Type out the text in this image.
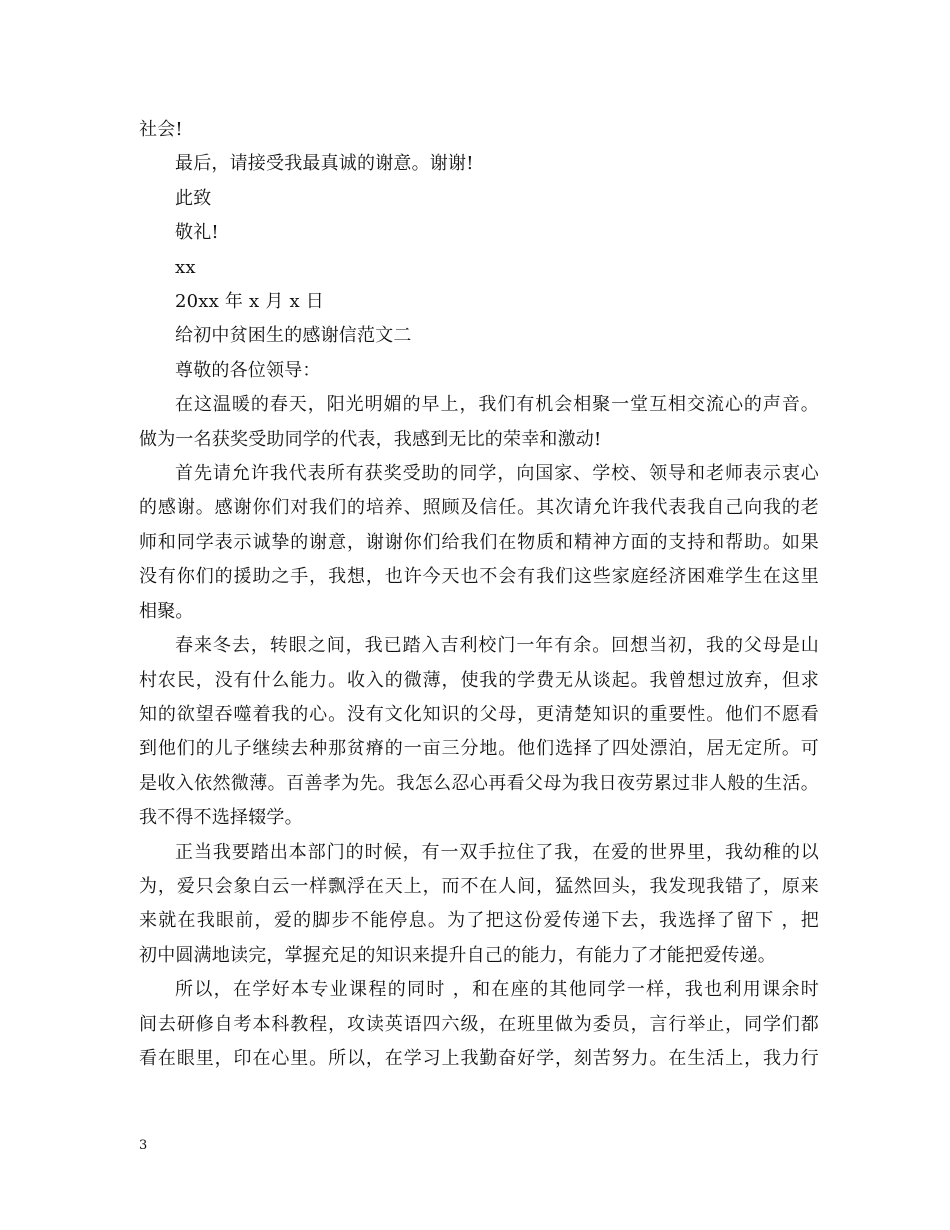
社会!
最后，请接受我最真诚的谢意。谢谢!
此致
敬礼!
xx
20xx 年 x 月 x 日
给初中贫困生的感谢信范文二
尊敬的各位领导：
在这温暖的春天，阳光明媚的早上，我们有机会相聚一堂互相交流心的声音。
做为一名获奖受助同学的代表，我感到无比的荣幸和激动!
首先请允许我代表所有获奖受助的同学，向国家、学校、领导和老师表示衷心
的感谢。感谢你们对我们的培养、照顾及信任。其次请允许我代表我自己向我的老
师和同学表示诚挚的谢意，谢谢你们给我们在物质和精神方面的支持和帮助。如果
没有你们的援助之手，我想，也许今天也不会有我们这些家庭经济困难学生在这里
相聚。
春来冬去，转眼之间，我已踏入吉利校门一年有余。回想当初，我的父母是山
村农民，没有什么能力。收入的微薄，使我的学费无从谈起。我曾想过放弃，但求
知的欲望吞噬着我的心。没有文化知识的父母，更清楚知识的重要性。他们不愿看
到他们的儿子继续去种那贫瘠的一亩三分地。他们选择了四处漂泊，居无定所。可
是收入依然微薄。百善孝为先。我怎么忍心再看父母为我日夜劳累过非人般的生活。
我不得不选择辍学。
正当我要踏出本部门的时候，有一双手拉住了我，在爱的世界里，我幼稚的以
为，爱只会象白云一样飘浮在天上，而不在人间，猛然回头，我发现我错了，原来
来就在我眼前，爱的脚步不能停息。为了把这份爱传递下去，我选择了留下 ，把
初中圆满地读完，掌握充足的知识来提升自己的能力，有能力了才能把爱传递。
所以，在学好本专业课程的同时 ，和在座的其他同学一样，我也利用课余时
间去研修自考本科教程，攻读英语四六级，在班里做为委员，言行举止，同学们都
看在眼里，印在心里。所以，在学习上我勤奋好学，刻苦努力。在生活上，我力行
3
